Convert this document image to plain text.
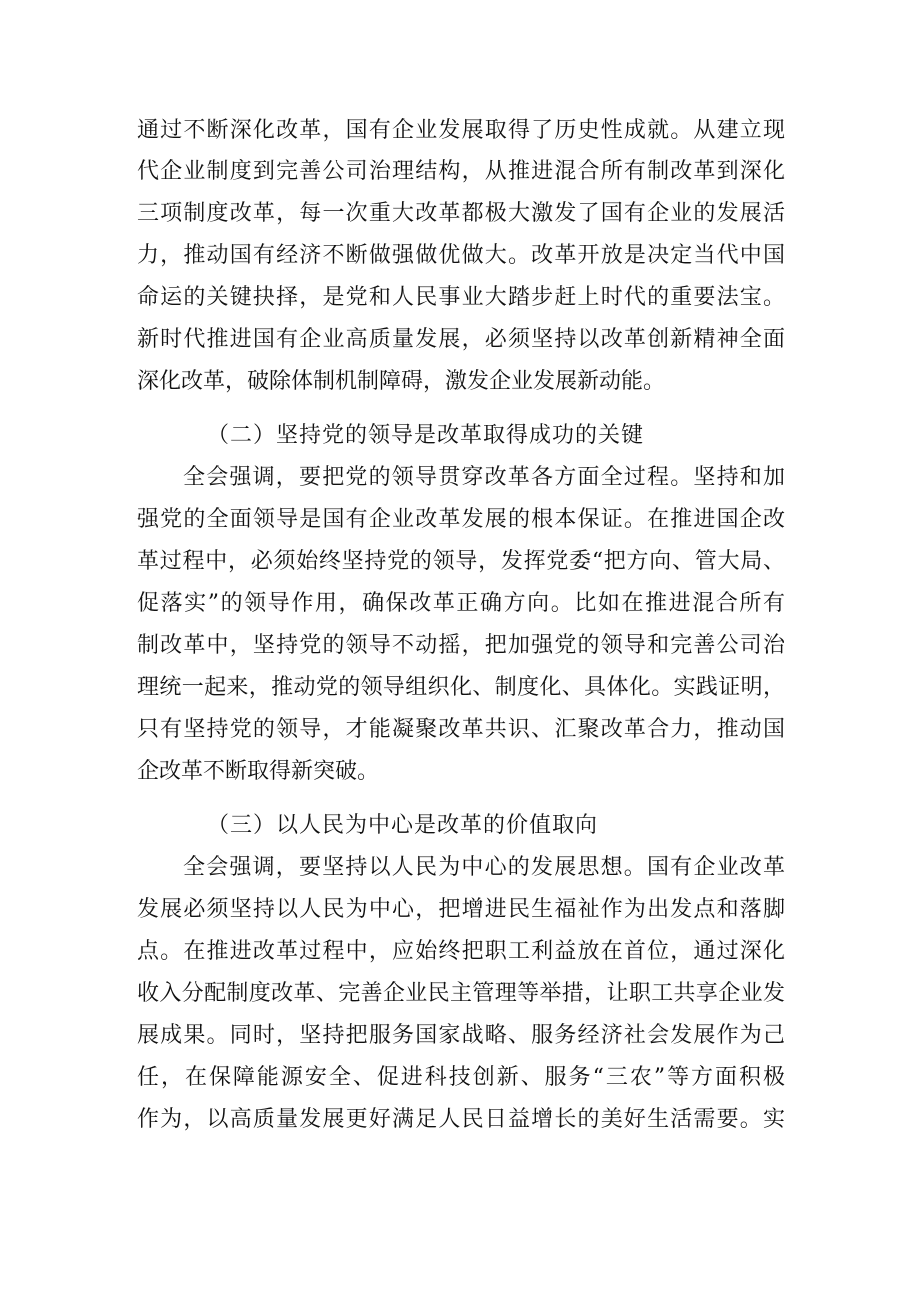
通过不断深化改革，国有企业发展取得了历史性成就。从建立现
代企业制度到完善公司治理结构，从推进混合所有制改革到深化
三项制度改革，每一次重大改革都极大激发了国有企业的发展活
力，推动国有经济不断做强做优做大。改革开放是决定当代中国
命运的关键抉择，是党和人民事业大踏步赶上时代的重要法宝。
新时代推进国有企业高质量发展，必须坚持以改革创新精神全面
深化改革，破除体制机制障碍，激发企业发展新动能。
（二）坚持党的领导是改革取得成功的关键
全会强调，要把党的领导贯穿改革各方面全过程。坚持和加
强党的全面领导是国有企业改革发展的根本保证。在推进国企改
革过程中，必须始终坚持党的领导，发挥党委“把方向、管大局、
促落实”的领导作用，确保改革正确方向。比如在推进混合所有
制改革中，坚持党的领导不动摇，把加强党的领导和完善公司治
理统一起来，推动党的领导组织化、制度化、具体化。实践证明，
只有坚持党的领导，才能凝聚改革共识、汇聚改革合力，推动国
企改革不断取得新突破。
（三）以人民为中心是改革的价值取向
全会强调，要坚持以人民为中心的发展思想。国有企业改革
发展必须坚持以人民为中心，把增进民生福祉作为出发点和落脚
点。在推进改革过程中，应始终把职工利益放在首位，通过深化
收入分配制度改革、完善企业民主管理等举措，让职工共享企业发
展成果。同时，坚持把服务国家战略、服务经济社会发展作为己
任，在保障能源安全、促进科技创新、服务“三农”等方面积极
作为，以高质量发展更好满足人民日益增长的美好生活需要。实
